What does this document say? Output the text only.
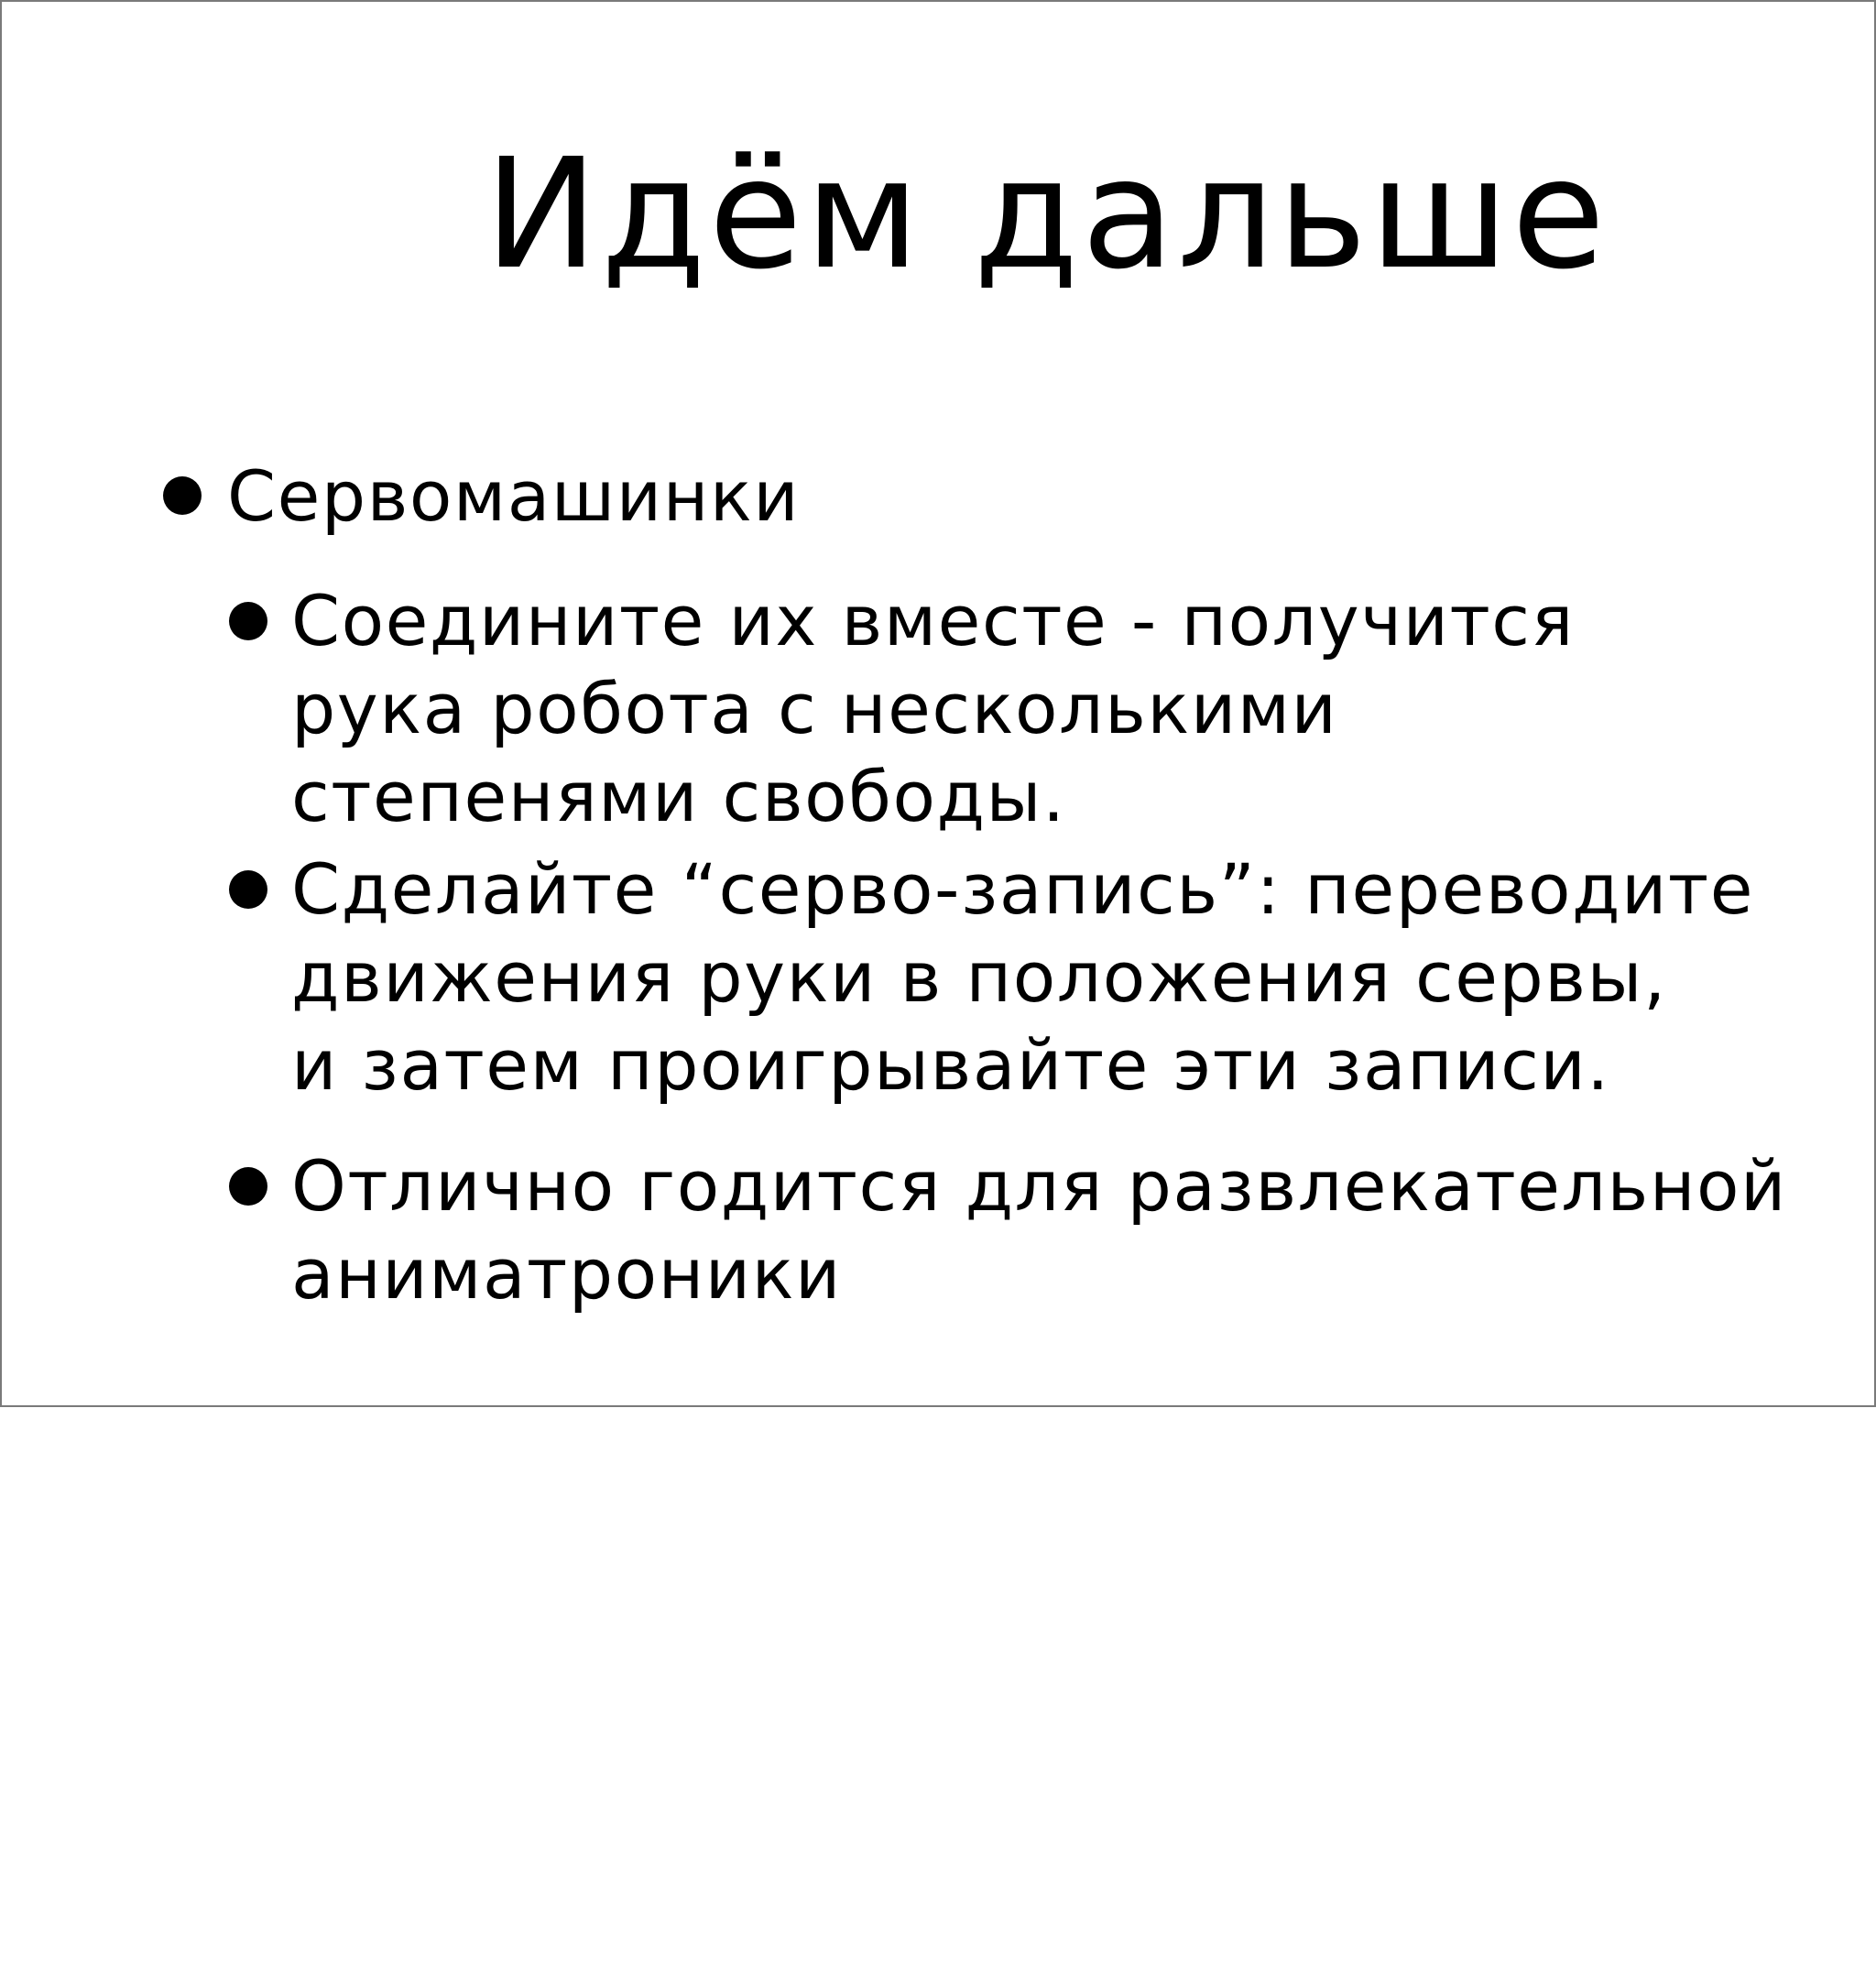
Идём дальше
Сервомашинки
Соедините их вместе - получится
рука робота с несколькими
степенями свободы.
Сделайте “серво-запись”: переводите
движения руки в положения сервы,
и затем проигрывайте эти записи.
Отлично годится для развлекательной
аниматроники
